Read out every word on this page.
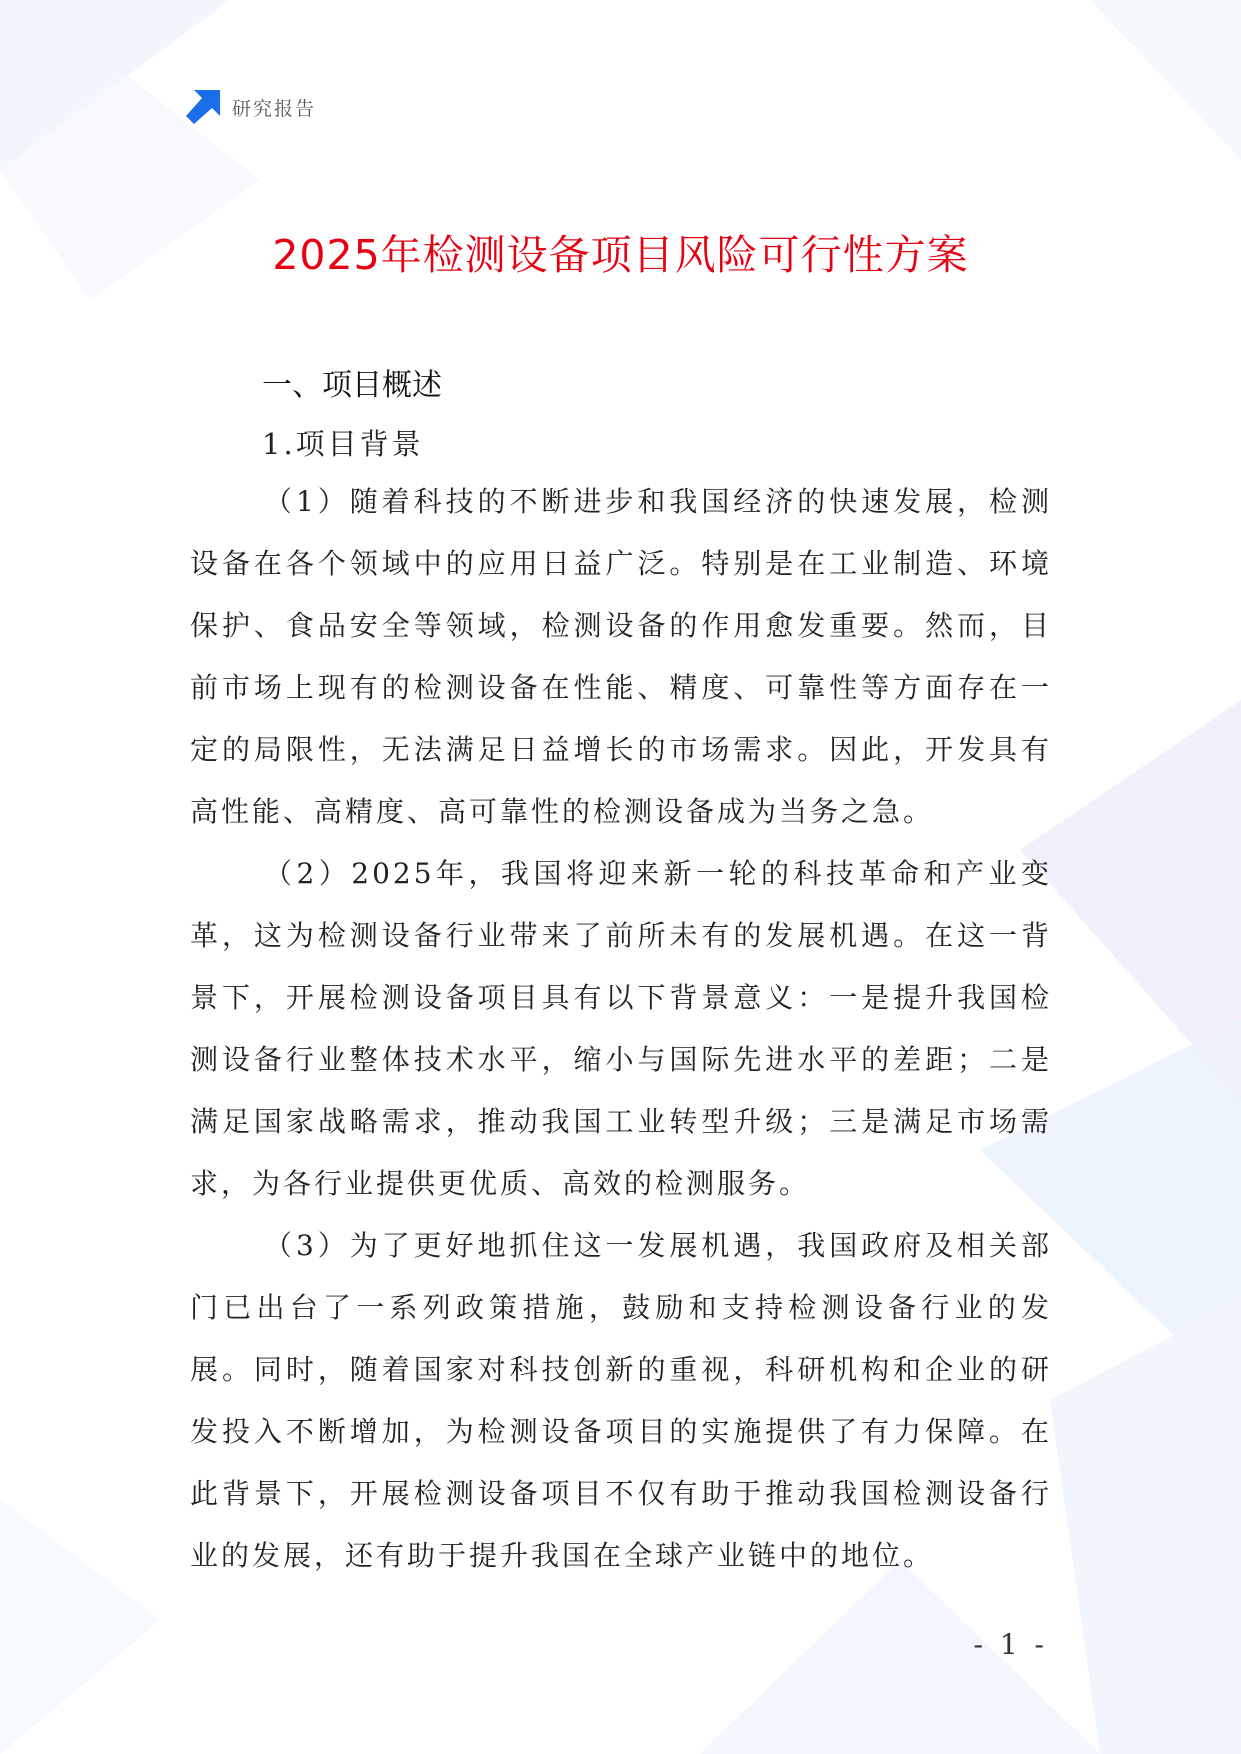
研究报告
2025年检测设备项目风险可行性方案
一、项目概述
1.项目背景

（1）随着科技的不断进步和我国经济的快速发展，检测设备在各个领域中的应用日益广泛。特别是在工业制造、环境保护、食品安全等领域，检测设备的作用愈发重要。然而，目前市场上现有的检测设备在性能、精度、可靠性等方面存在一定的局限性，无法满足日益增长的市场需求。因此，开发具有高性能、高精度、高可靠性的检测设备成为当务之急。

（2）2025年，我国将迎来新一轮的科技革命和产业变革，这为检测设备行业带来了前所未有的发展机遇。在这一背景下，开展检测设备项目具有以下背景意义：一是提升我国检测设备行业整体技术水平，缩小与国际先进水平的差距；二是满足国家战略需求，推动我国工业转型升级；三是满足市场需求，为各行业提供更优质、高效的检测服务。

（3）为了更好地抓住这一发展机遇，我国政府及相关部门已出台了一系列政策措施，鼓励和支持检测设备行业的发展。同时，随着国家对科技创新的重视，科研机构和企业的研发投入不断增加，为检测设备项目的实施提供了有力保障。在此背景下，开展检测设备项目不仅有助于推动我国检测设备行业的发展，还有助于提升我国在全球产业链中的地位。

- 1 -
